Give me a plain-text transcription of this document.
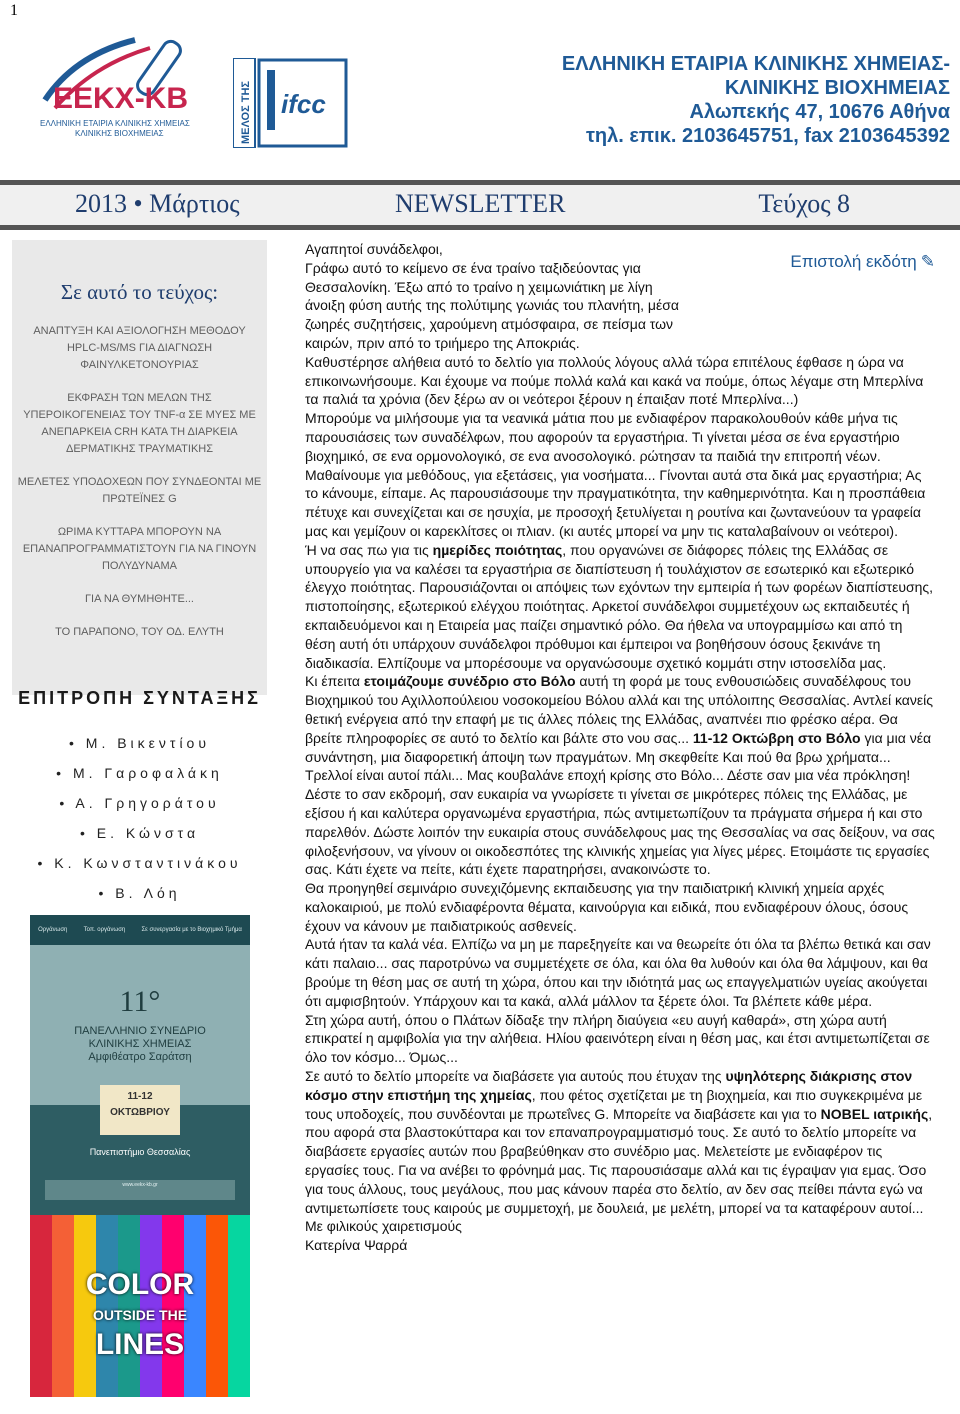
1
ΕΕΚΧ-ΚΒ
ΕΛΛΗΝΙΚΗ ΕΤΑΙΡΙΑ ΚΛΙΝΙΚΗΣ ΧΗΜΕΙΑΣ
ΚΛΙΝΙΚΗΣ ΒΙΟΧΗΜΕΙΑΣ	ΜΕΛΟΣ ΤΗΣ ifcc
ΕΛΛΗΝΙΚΗ ΕΤΑΙΡΙΑ ΚΛΙΝΙΚΗΣ ΧΗΜΕΙΑΣ-
ΚΛΙΝΙΚΗΣ ΒΙΟΧΗΜΕΙΑΣ
Αλωπεκής 47, 10676 Αθήνα
τηλ. επικ. 2103645751, fax 2103645392
2013 • Μάρτιος	NEWSLETTER	Τεύχος 8
Σε αυτό το τεύχος:
ΑΝΑΠΤΥΞΗ ΚΑΙ ΑΞΙΟΛΟΓΗΣΗ ΜΕΘΟΔΟΥ HPLC-MS/MS ΓΙΑ ΔΙΑΓΝΩΣΗ ΦΑΙΝΥΛΚΕΤΟΝΟΥΡΙΑΣ
ΕΚΦΡΑΣΗ ΤΩΝ ΜΕΛΩΝ ΤΗΣ ΥΠΕΡΟΙΚΟΓΕΝΕΙΑΣ ΤΟΥ TNF-α ΣΕ ΜΥΕΣ ΜΕ ΑΝΕΠΑΡΚΕΙΑ CRH ΚΑΤΑ ΤΗ ΔΙΑΡΚΕΙΑ ΔΕΡΜΑΤΙΚΗΣ ΤΡΑΥΜΑΤΙΚΗΣ
ΜΕΛΕΤΕΣ ΥΠΟΔΟΧΕΩΝ ΠΟΥ ΣΥΝΔΕΟΝΤΑΙ ΜΕ ΠΡΩΤΕΪΝΕΣ G
ΩΡΙΜΑ ΚΥΤΤΑΡΑ ΜΠΟΡΟΥΝ ΝΑ ΕΠΑΝΑΠΡΟΓΡΑΜΜΑΤΙΣΤΟΥΝ ΓΙΑ ΝΑ ΓΙΝΟΥΝ ΠΟΛΥΔΥΝΑΜΑ
ΓΙΑ ΝΑ ΘΥΜΗΘΗΤΕ...
ΤΟ ΠΑΡΑΠΟΝΟ, ΤΟΥ ΟΔ. ΕΛΥΤΗ
ΕΠΙΤΡΟΠΗ ΣΥΝΤΑΞΗΣ
• Μ. Βικεντίου
• Μ. Γαροφαλάκη
• Α. Γρηγοράτου
• Ε. Κώνστα
• Κ. Κωνσταντινάκου
• Β. Λόη
Οργάνωση	Τοπ. οργάνωση	Σε συνεργασία με το Βιοχημικό Τμήμα
11°
ΠΑΝΕΛΛΗΝΙΟ ΣΥΝΕΔΡΙΟ
ΚΛΙΝΙΚΗΣ ΧΗΜΕΙΑΣ
Αμφιθέατρο Σαράτση
11-12
ΟΚΤΩΒΡΙΟΥ
Πανεπιστήμιο Θεσσαλίας
www.eekx-kb.gr
COLOR
OUTSIDE THE
LINES
Επιστολή εκδότη ✎

Αγαπητοί συνάδελφοι,

Γράφω αυτό το κείμενο σε ένα τραίνο ταξιδεύοντας για Θεσσαλονίκη. Έξω από το τραίνο η χειμωνιάτικη με λίγη άνοιξη φύση αυτής της πολύτιμης γωνιάς του πλανήτη, μέσα ζωηρές συζητήσεις, χαρούμενη ατμόσφαιρα, σε πείσμα των καιρών, πριν από το τριήμερο της Αποκριάς.

Καθυστέρησε αλήθεια αυτό το δελτίο για πολλούς λόγους αλλά τώρα επιτέλους έφθασε η ώρα να επικοινωνήσουμε. Και έχουμε να πούμε πολλά καλά και κακά να πούμε, όπως λέγαμε στη Μπερλίνα τα παλιά τα χρόνια (δεν ξέρω αν οι νεότεροι ξέρουν η έπαιξαν ποτέ Μπερλίνα...)

Μπορούμε να μιλήσουμε για τα νεανικά μάτια που με ενδιαφέρον παρακολουθούν κάθε μήνα τις παρουσιάσεις των συναδέλφων, που αφορούν τα εργαστήρια. Τι γίνεται μέσα σε ένα εργαστήριο βιοχημικό, σε ενα ορμονολογικό, σε ενα ανοσολογικό. ρώτησαν τα παιδιά την επιτροπή νέων. Μαθαίνουμε για μεθόδους, για εξετάσεις, για νοσήματα... Γίνονται αυτά στα δικά μας εργαστήρια; Ας το κάνουμε, είπαμε. Ας παρουσιάσουμε την πραγματικότητα, την καθημερινότητα. Και η προσπάθεια πέτυχε και συνεχίζεται και σε ησυχία, με προσοχή ξετυλίγεται η ρουτίνα και ζωντανεύουν τα γραφεία μας και γεμίζουν οι καρεκλίτσες οι πλιαν. (κι αυτές μπορεί να μην τις καταλαβαίνουν οι νεότεροι).

Ή να σας πω για τις ηµερίδες ποιότητας, που οργανώνει σε διάφορες πόλεις της Ελλάδας σε υπουργείο για να καλέσει τα εργαστήρια σε διαπίστευση ή τουλάχιστον σε εσωτερικό και εξωτερικό έλεγχο ποιότητας. Παρουσιάζονται οι απόψεις των εχόντων την εμπειρία ή των φορέων διαπίστευσης, πιστοποίησης, εξωτερικού ελέγχου ποιότητας. Αρκετοί συνάδελφοι συμμετέχουν ως εκπαιδευτές ή εκπαιδευόμενοι και η Εταιρεία μας παίζει σημαντικό ρόλο. Θα ήθελα να υπογραμμίσω και από τη θέση αυτή ότι υπάρχουν συνάδελφοι πρόθυμοι και έμπειροι να βοηθήσουν όσους ξεκινάνε τη διαδικασία. Ελπίζουμε να μπορέσουμε να οργανώσουμε σχετικό κομμάτι στην ιστοσελίδα μας.

Κι έπειτα ετοιμάζουμε συνέδριο στο Βόλο αυτή τη φορά με τους ενθουσιώδεις συναδέλφους του Βιοχημικού του Αχιλλοπούλειου νοσοκομείου Βόλου αλλά και της υπόλοιπης Θεσσαλίας. Αντλεί κανείς θετική ενέργεια από την επαφή με τις άλλες πόλεις της Ελλάδας, αναπνέει πιο φρέσκο αέρα. Θα βρείτε πληροφορίες σε αυτό το δελτίο και βάλτε στο νου σας... 11-12 Οκτώβρη στο Βόλο για μια νέα συνάντηση, μια διαφορετική άποψη των πραγμάτων. Μη σκεφθείτε Και πού θα βρω χρήματα... Τρελλοί είναι αυτοί πάλι... Μας κουβαλάνε εποχή κρίσης στο Βόλο... Δέστε σαν μια νέα πρόκληση! Δέστε το σαν εκδρομή, σαν ευκαιρία να γνωρίσετε τι γίνεται σε μικρότερες πόλεις της Ελλάδας, με εξίσου ή και καλύτερα οργανωμένα εργαστήρια, πώς αντιμετωπίζουν τα πράγματα σήμερα ή και στο παρελθόν. Δώστε λοιπόν την ευκαιρία στους συνάδελφους μας της Θεσσαλίας να σας δείξουν, να σας φιλοξενήσουν, να γίνουν οι οικοδεσπότες της κλινικής χημείας για λίγες μέρες. Ετοιμάστε τις εργασίες σας. Κάτι έχετε να πείτε, κάτι έχετε παρατηρήσει, ανακοινώστε το.

Θα προηγηθεί σεμινάριο συνεχιζόμενης εκπαιδευσης για την παιδιατρική κλινική χημεία αρχές καλοκαιριού, με πολύ ενδιαφέροντα θέματα, καινούργια και ειδικά, που ενδιαφέρουν όλους, όσους έχουν να κάνουν με παιδιατρικούς ασθενείς.

Αυτά ήταν τα καλά νέα. Ελπίζω να μη με παρεξηγείτε και να θεωρείτε ότι όλα τα βλέπω θετικά και σαν κάτι παλαιο... σας παροτρύνω να συμμετέχετε σε όλα, και όλα θα λυθούν και όλα θα λάμψουν, και θα βρούμε τη θέση μας σε αυτή τη χώρα, όπου και την ιδιότητά μας ως επαγγελματιών υγείας ακούγεται ότι αμφισβητούν. Υπάρχουν και τα κακά, αλλά μάλλον τα ξέρετε όλοι. Τα βλέπετε κάθε μέρα.

Στη χώρα αυτή, όπου ο Πλάτων δίδαξε την πλήρη διαύγεια «ευ αυγή καθαρά», στη χώρα αυτή επικρατεί η αμφιβολία για την αλήθεια. Ηλίου φαεινότερη είναι η θέση μας, και έτσι αντιμετωπίζεται σε όλο τον κόσμο... Όμως...

Σε αυτό το δελτίο μπορείτε να διαβάσετε για αυτούς που έτυχαν της υψηλότερης διάκρισης στον κόσμο στην επιστήμη της χημείας, που φέτος σχετίζεται με τη βιοχημεία, και πιο συγκεκριμένα με τους υποδοχείς, που συνδέονται με πρωτεΐνες G. Μπορείτε να διαβάσετε και για το NOBEL ιατρικής, που αφορά στα βλαστοκύτταρα και τον επαναπρογραμματισμό τους. Σε αυτό το δελτίο μπορείτε να διαβάσετε εργασίες αυτών που βραβεύθηκαν στο συνέδριο μας. Μελετείστε με ενδιαφέρον τις εργασίες τους. Για να ανέβει το φρόνημά μας. Τις παρουσιάσαμε αλλά και τις έγραψαν για εμας. Όσο για τους άλλους, τους μεγάλους, που μας κάνουν παρέα στο δελτίο, αν δεν σας πείθει πάντα εγώ να αντιμετωπίσετε τους καιρούς με συμμετοχή, με δουλειά, με μελέτη, μπορεί να τα καταφέρουν αυτοί...

Με φιλικούς χαιρετισμούς

Κατερίνα Ψαρρά
